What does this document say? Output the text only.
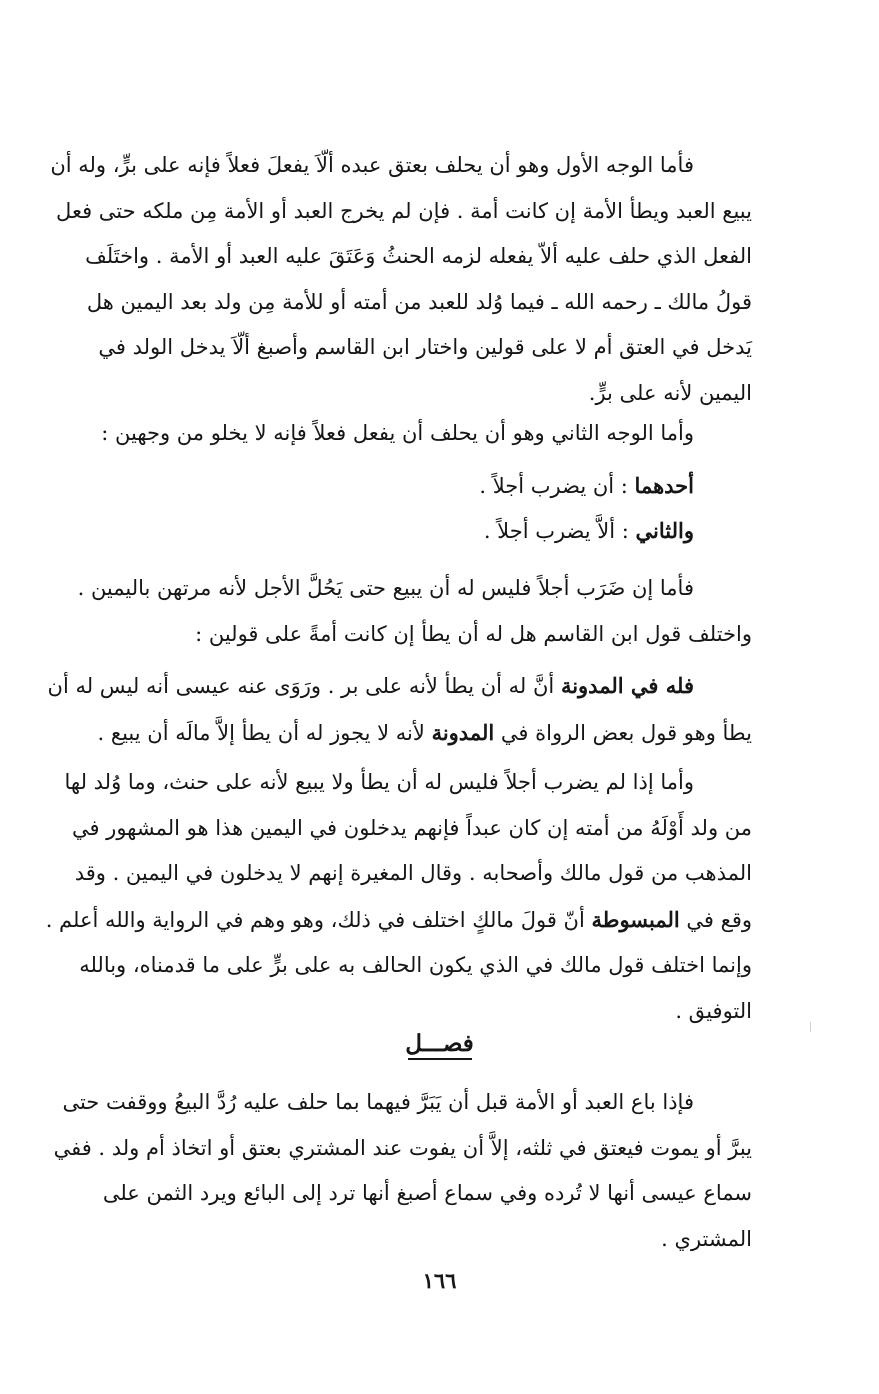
فأما الوجه الأول وهو أن يحلف بعتق عبده ألّاَ يفعلَ فعلاً فإنه على برٍّ، وله أن
يبيع العبد ويطأ الأمة إن كانت أمة . فإن لم يخرج العبد أو الأمة مِن ملكه حتى فعل
الفعل الذي حلف عليه ألاّ يفعله لزمه الحنثُ وَعَتَقَ عليه العبد أو الأمة . واختَلَف
قولُ مالك ـ رحمه الله ـ فيما وُلد للعبد من أمته أو للأمة مِن ولد بعد اليمين هل
يَدخل في العتق أم لا على قولين واختار ابن القاسم وأصبغ ألّاَ يدخل الولد في
اليمين لأنه على برٍّ.
وأما الوجه الثاني وهو أن يحلف أن يفعل فعلاً فإنه لا يخلو من وجهين :
أحدهما : أن يضرب أجلاً .
والثاني : ألاَّ يضرب أجلاً .
فأما إن ضَرَب أجلاً فليس له أن يبيع حتى يَحُلَّ الأجل لأنه مرتهن باليمين .
واختلف قول ابن القاسم هل له أن يطأ إن كانت أمةً على قولين :
فله في المدونة أنَّ له أن يطأ لأنه على بر . ورَوَى عنه عيسى أنه ليس له أن
يطأ وهو قول بعض الرواة في المدونة لأنه لا يجوز له أن يطأ إلاَّ مالَه أن يبيع .
وأما إذا لم يضرب أجلاً فليس له أن يطأ ولا يبيع لأنه على حنث، وما وُلد لها
من ولد أَوْلَهُ من أمته إن كان عبداً فإنهم يدخلون في اليمين هذا هو المشهور في
المذهب من قول مالك وأصحابه . وقال المغيرة إنهم لا يدخلون في اليمين . وقد
وقع في المبسوطة أنّ قولَ مالكٍ اختلف في ذلك، وهو وهم في الرواية والله أعلم .
وإنما اختلف قول مالك في الذي يكون الحالف به على برٍّ على ما قدمناه، وبالله
التوفيق .
فصـــل
فإذا باع العبد أو الأمة قبل أن يَبَرَّ فيهما بما حلف عليه رُدَّ البيعُ ووقفت حتى
يبرَّ أو يموت فيعتق في ثلثه، إلاَّ أن يفوت عند المشتري بعتق أو اتخاذ أم ولد . ففي
سماع عيسى أنها لا تُرده وفي سماع أصبغ أنها ترد إلى البائع ويرد الثمن على
المشتري .
١٦٦
